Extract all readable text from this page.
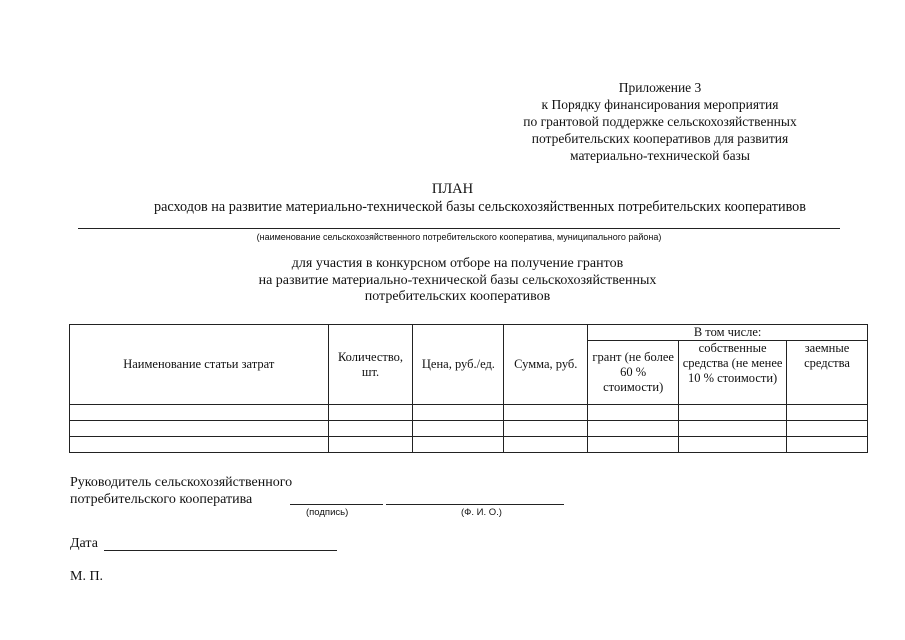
Приложение 3
к Порядку финансирования мероприятия
по грантовой поддержке сельскохозяйственных
потребительских кооперативов для развития
материально-технической базы
ПЛАН
расходов на развитие материально-технической базы сельскохозяйственных потребительских кооперативов
(наименование сельскохозяйственного потребительского кооператива, муниципального района)
для участия в конкурсном отборе на получение грантов
на развитие материально-технической базы сельскохозяйственных
потребительских кооперативов
Наименование статьи затрат	Количество, шт.	Цена, руб./ед.	Сумма, руб.	В том числе:		
				грант (не более 60 % стоимости)	собственные средства (не менее 10 % стоимости)	заемные средства

Руководитель сельскохозяйственного
потребительского кооператива
(подпись)	(Ф. И. О.)
Дата
М. П.
